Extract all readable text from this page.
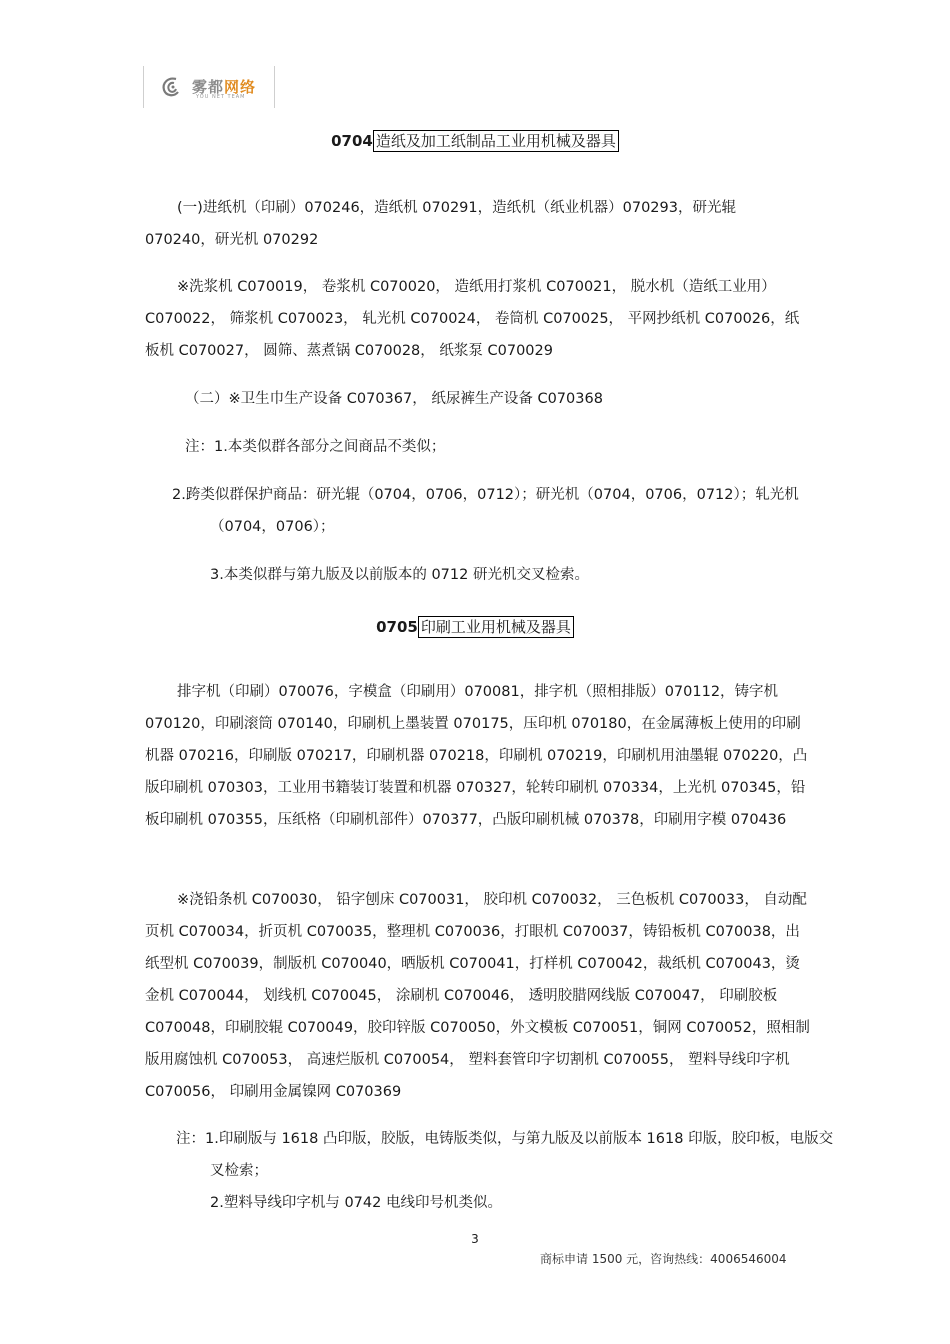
雾都网络
YOU NET TEAM
0704 造纸及加工纸制品工业用机械及器具

(一)进纸机（印刷）070246，造纸机 070291，造纸机（纸业机器）070293，研光辊 070240，研光机 070292

※洗浆机 C070019， 卷浆机 C070020， 造纸用打浆机 C070021， 脱水机（造纸工业用） C070022， 筛浆机 C070023， 轧光机 C070024， 卷筒机 C070025， 平网抄纸机 C070026，纸板机 C070027， 圆筛、蒸煮锅 C070028， 纸浆泵 C070029

（二）※卫生巾生产设备 C070367， 纸尿裤生产设备 C070368

注：1.本类似群各部分之间商品不类似；

2.跨类似群保护商品：研光辊（0704，0706，0712）；研光机（0704，0706，0712）；轧光机（0704，0706）；

3.本类似群与第九版及以前版本的 0712 研光机交叉检索。

0705 印刷工业用机械及器具

排字机（印刷）070076，字模盒（印刷用）070081，排字机（照相排版）070112，铸字机 070120，印刷滚筒 070140，印刷机上墨装置 070175，压印机 070180，在金属薄板上使用的印刷机器 070216，印刷版 070217，印刷机器 070218，印刷机 070219，印刷机用油墨辊 070220，凸版印刷机 070303，工业用书籍装订装置和机器 070327，轮转印刷机 070334，上光机 070345，铅板印刷机 070355，压纸格（印刷机部件）070377，凸版印刷机械 070378，印刷用字模 070436

※浇铅条机 C070030， 铅字刨床 C070031， 胶印机 C070032， 三色板机 C070033， 自动配页机 C070034，折页机 C070035，整理机 C070036，打眼机 C070037，铸铅板机 C070038，出纸型机 C070039，制版机 C070040，晒版机 C070041，打样机 C070042，裁纸机 C070043，烫金机 C070044， 划线机 C070045， 涂刷机 C070046， 透明胶腊网线版 C070047， 印刷胶板 C070048，印刷胶辊 C070049，胶印锌版 C070050，外文模板 C070051，铜网 C070052，照相制版用腐蚀机 C070053， 高速烂版机 C070054， 塑料套管印字切割机 C070055， 塑料导线印字机 C070056， 印刷用金属镍网 C070369

注：1.印刷版与 1618 凸印版，胶版，电铸版类似，与第九版及以前版本 1618 印版，胶印板，电版交叉检索；

2.塑料导线印字机与 0742 电线印号机类似。

3
商标申请 1500 元，咨询热线：4006546004
